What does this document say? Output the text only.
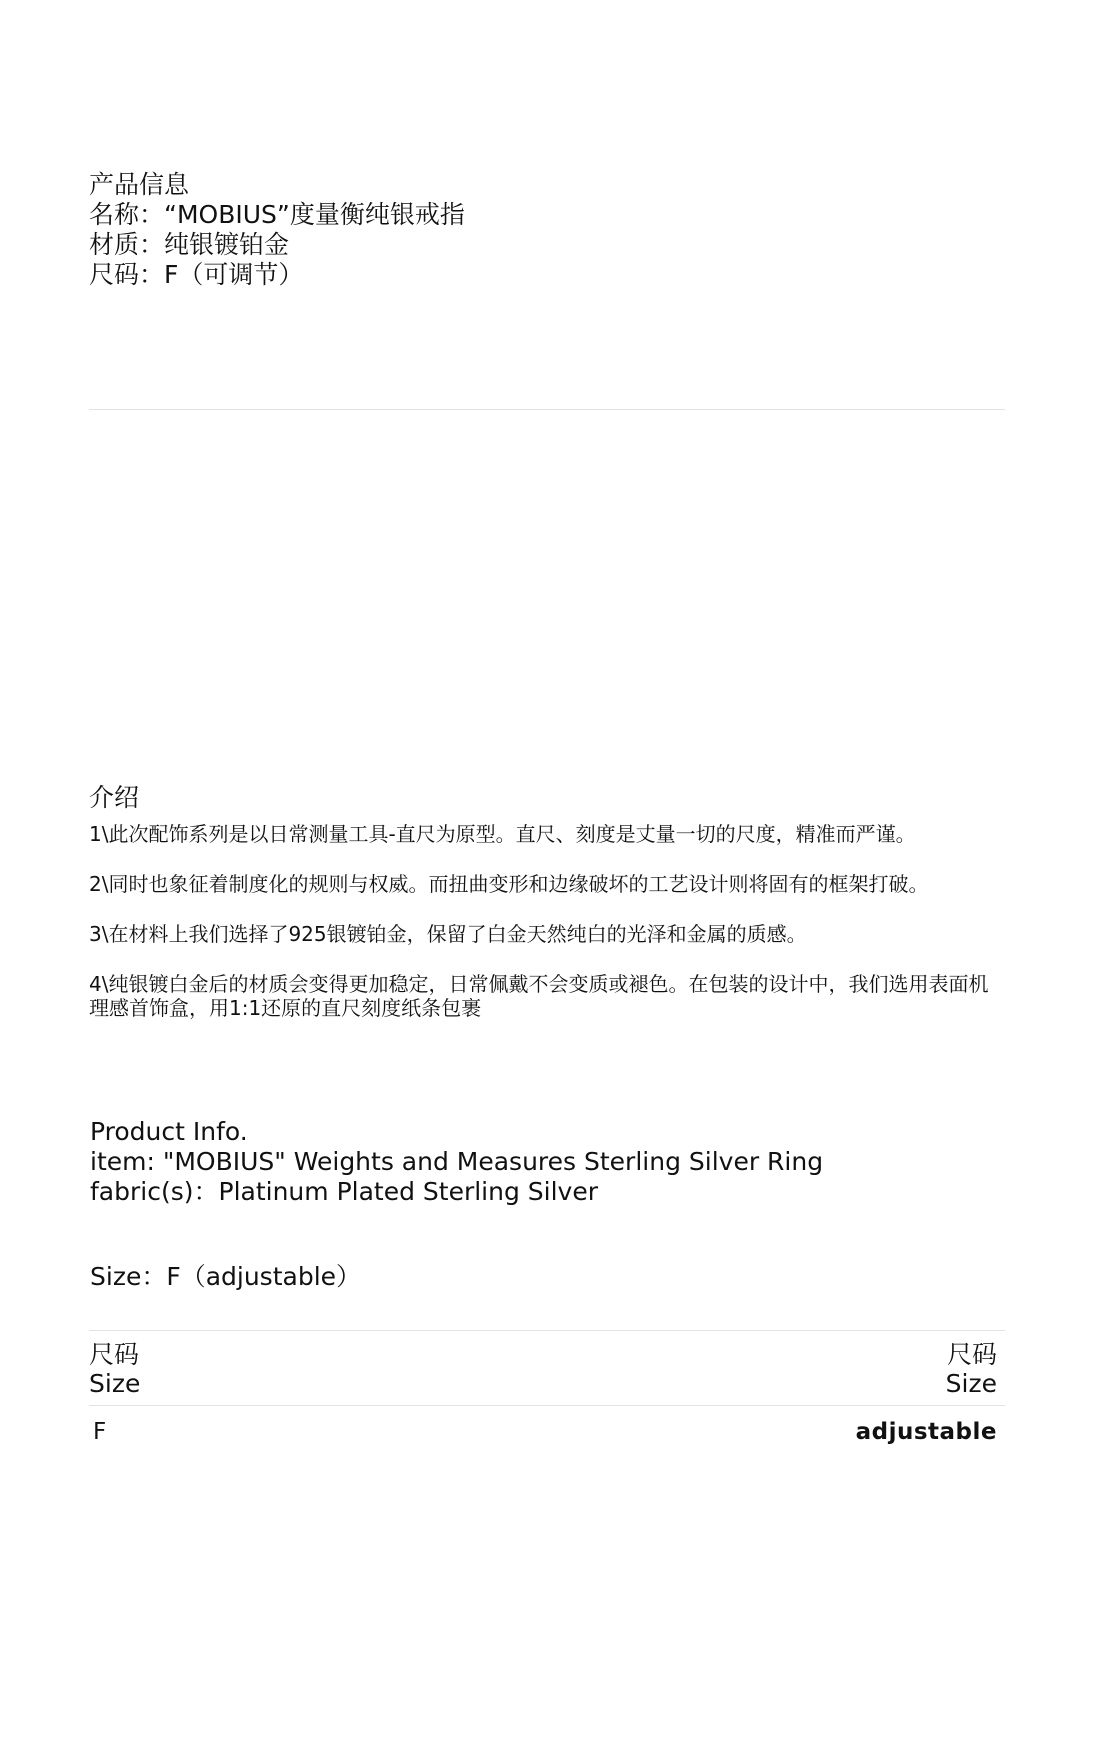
产品信息
名称：“MOBIUS”度量衡纯银戒指
材质：纯银镀铂金
尺码：F（可调节）
介绍
1\此次配饰系列是以日常测量工具-直尺为原型。直尺、刻度是丈量一切的尺度，精准而严谨。
2\同时也象征着制度化的规则与权威。而扭曲变形和边缘破坏的工艺设计则将固有的框架打破。
3\在材料上我们选择了925银镀铂金，保留了白金天然纯白的光泽和金属的质感。
4\纯银镀白金后的材质会变得更加稳定，日常佩戴不会变质或褪色。在包装的设计中，我们选用表面机理感首饰盒，用1:1还原的直尺刻度纸条包裹
Product Info.
item: "MOBIUS" Weights and Measures Sterling Silver Ring
fabric(s)：Platinum Plated Sterling Silver
Size：F（adjustable）
尺码
Size
尺码
Size
F	adjustable
